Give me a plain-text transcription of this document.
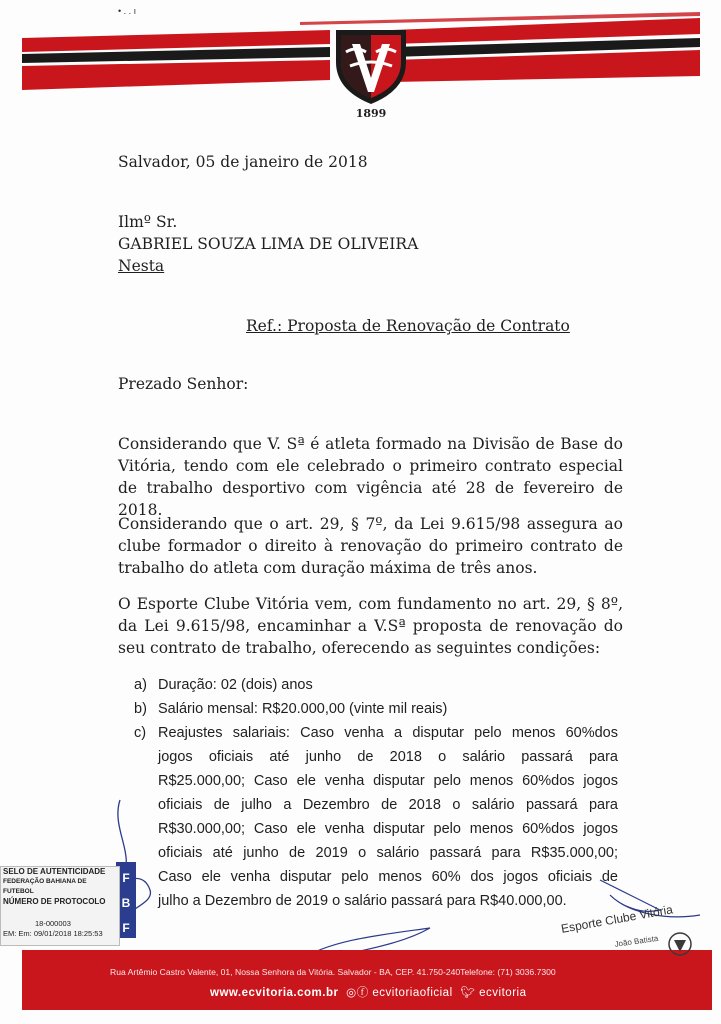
• . . ı
1899
Salvador, 05 de janeiro de 2018
Ilmº Sr.
GABRIEL SOUZA LIMA DE OLIVEIRA
Nesta
Ref.: Proposta de Renovação de Contrato
Prezado Senhor:
Considerando que V. Sª é atleta formado na Divisão de Base do Vitória, tendo com ele celebrado o primeiro contrato especial de trabalho desportivo com vigência até 28 de fevereiro de 2018.
Considerando que o art. 29, § 7º, da Lei 9.615/98 assegura ao clube formador o direito à renovação do primeiro contrato de trabalho do atleta com duração máxima de três anos.
O Esporte Clube Vitória vem, com fundamento no art. 29, § 8º, da Lei 9.615/98, encaminhar a V.Sª proposta de renovação do seu contrato de trabalho, oferecendo as seguintes condições:
a) Duração: 02 (dois) anos
b) Salário mensal: R$20.000,00 (vinte mil reais)
c) Reajustes salariais: Caso venha a disputar pelo menos 60%dos
jogos oficiais até junho de 2018 o salário passará para
R$25.000,00; Caso ele venha disputar pelo menos 60%dos jogos
oficiais de julho a Dezembro de 2018 o salário passará para
R$30.000,00; Caso ele venha disputar pelo menos 60%dos jogos
oficiais até junho de 2019 o salário passará para R$35.000,00;
Caso ele venha disputar pelo menos 60% dos jogos oficiais de
julho a Dezembro de 2019 o salário passará para R$40.000,00.
SELO DE AUTENTICIDADE
FEDERAÇÃO BAHIANA DE FUTEBOL
NÚMERO DE PROTOCOLO
18-000003
EM: Em: 09/01/2018 18:25:53
F
B
F	Esporte Clube Vitória
João Batista
Rua Artêmio Castro Valente, 01, Nossa Senhora da Vitória. Salvador - BA, CEP. 41.750-240Telefone: (71) 3036.7300
www.ecvitoria.com.br ◎ⓕ ecvitoriaoficial 🐦︎ ecvitoria
